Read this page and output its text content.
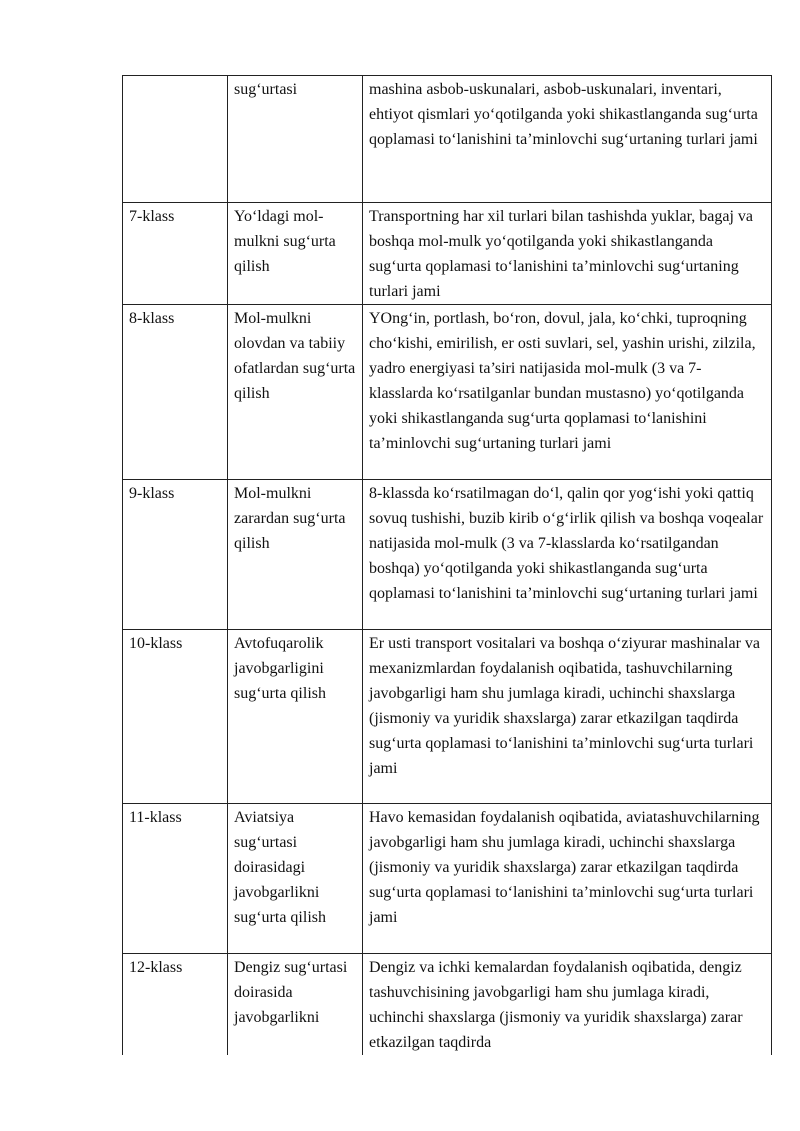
	sug‘urtasi	mashina asbob-uskunalari, asbob-uskunalari, inventari, ehtiyot qismlari yo‘qotilganda yoki shikastlanganda sug‘urta qoplamasi to‘lanishini ta’minlovchi sug‘urtaning turlari jami
7-klass	Yo‘ldagi mol-mulkni sug‘urta qilish	Transportning har xil turlari bilan tashishda yuklar, bagaj va boshqa mol-mulk yo‘qotilganda yoki shikastlanganda sug‘urta qoplamasi to‘lanishini ta’minlovchi sug‘urtaning turlari jami
8-klass	Mol-mulkni olovdan va tabiiy ofatlardan sug‘urta qilish	YOng‘in, portlash, bo‘ron, dovul, jala, ko‘chki, tuproqning cho‘kishi, emirilish, er osti suvlari, sel, yashin urishi, zilzila, yadro energiyasi ta’siri natijasida mol-mulk (3 va 7- klasslarda ko‘rsatilganlar bundan mustasno) yo‘qotilganda yoki shikastlanganda sug‘urta qoplamasi to‘lanishini ta’minlovchi sug‘urtaning turlari jami
9-klass	Mol-mulkni zarardan sug‘urta qilish	8-klassda ko‘rsatilmagan do‘l, qalin qor yog‘ishi yoki qattiq sovuq tushishi, buzib kirib o‘g‘irlik qilish va boshqa voqealar natijasida mol-mulk (3 va 7-klasslarda ko‘rsatilgandan boshqa) yo‘qotilganda yoki shikastlanganda sug‘urta qoplamasi to‘lanishini ta’minlovchi sug‘urtaning turlari jami
10-klass	Avtofuqarolik javobgarligini sug‘urta qilish	Er usti transport vositalari va boshqa o‘ziyurar mashinalar va mexanizmlardan foydalanish oqibatida, tashuvchilarning javobgarligi ham shu jumlaga kiradi, uchinchi shaxslarga (jismoniy va yuridik shaxslarga) zarar etkazilgan taqdirda sug‘urta qoplamasi to‘lanishini ta’minlovchi sug‘urta turlari jami
11-klass	Aviatsiya sug‘urtasi doirasidagi javobgarlikni sug‘urta qilish	Havo kemasidan foydalanish oqibatida, aviatashuvchilarning javobgarligi ham shu jumlaga kiradi, uchinchi shaxslarga (jismoniy va yuridik shaxslarga) zarar etkazilgan taqdirda sug‘urta qoplamasi to‘lanishini ta’minlovchi sug‘urta turlari jami
12-klass	Dengiz sug‘urtasi doirasida javobgarlikni	Dengiz va ichki kemalardan foydalanish oqibatida, dengiz tashuvchisining javobgarligi ham shu jumlaga kiradi, uchinchi shaxslarga (jismoniy va yuridik shaxslarga) zarar etkazilgan taqdirda
